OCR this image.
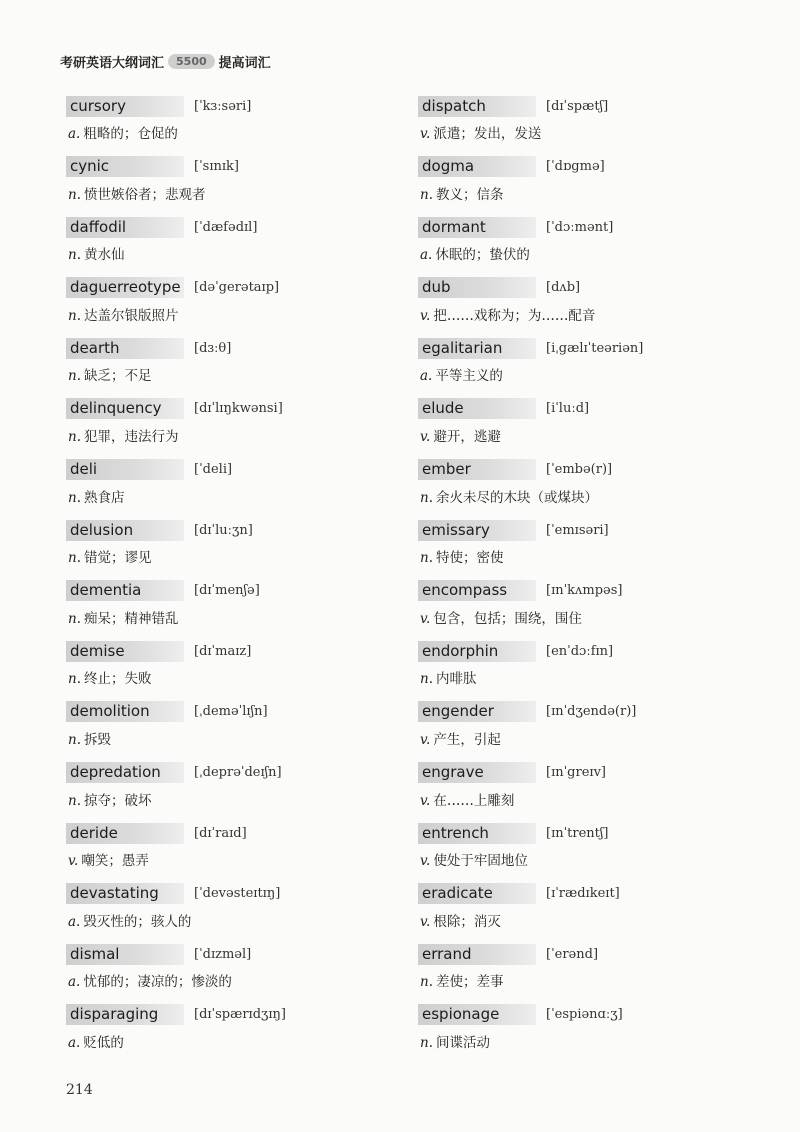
考研英语大纲词汇	5500 提高词汇
cursory	[ˈkɜːsəri]
a. 粗略的；仓促的
cynic	[ˈsɪnɪk]
n. 愤世嫉俗者；悲观者
daffodil	[ˈdæfədɪl]
n. 黄水仙
daguerreotype [dəˈgerətaɪp]
n. 达盖尔银版照片
dearth	[dɜːθ]
n. 缺乏；不足
delinquency	[dɪˈlɪŋkwənsi]
n. 犯罪，违法行为
deli	[ˈdeli]
n. 熟食店
delusion	[dɪˈluːʒn]
n. 错觉；谬见
dementia	[dɪˈmenʃə]
n. 痴呆；精神错乱
demise	[dɪˈmaɪz]
n. 终止；失败
demolition	[ˌdeməˈlɪʃn]
n. 拆毁
depredation	[ˌdeprəˈdeɪʃn]
n. 掠夺；破坏
deride	[dɪˈraɪd]
v. 嘲笑；愚弄
devastating	[ˈdevəsteɪtɪŋ]
a. 毁灭性的；骇人的
dismal	[ˈdɪzməl]
a. 忧郁的；凄凉的；惨淡的
disparaging	[dɪˈspærɪdʒɪŋ]
a. 贬低的
dispatch	[dɪˈspætʃ]
v. 派遣；发出，发送
dogma	[ˈdɒgmə]
n. 教义；信条
dormant	[ˈdɔːmənt]
a. 休眠的；蛰伏的
dub	[dʌb]
v. 把……戏称为；为……配音
egalitarian	[iˌgælɪˈteəriən]
a. 平等主义的
elude	[iˈluːd]
v. 避开，逃避
ember	[ˈembə(r)]
n. 余火未尽的木块（或煤块）
emissary	[ˈemɪsəri]
n. 特使；密使
encompass	[ɪnˈkʌmpəs]
v. 包含，包括；围绕，围住
endorphin	[enˈdɔːfɪn]
n. 内啡肽
engender	[ɪnˈdʒendə(r)]
v. 产生，引起
engrave	[ɪnˈgreɪv]
v. 在……上雕刻
entrench	[ɪnˈtrentʃ]
v. 使处于牢固地位
eradicate	[ɪˈrædɪkeɪt]
v. 根除；消灭
errand	[ˈerənd]
n. 差使；差事
espionage	[ˈespiənɑːʒ]
n. 间谍活动
214
